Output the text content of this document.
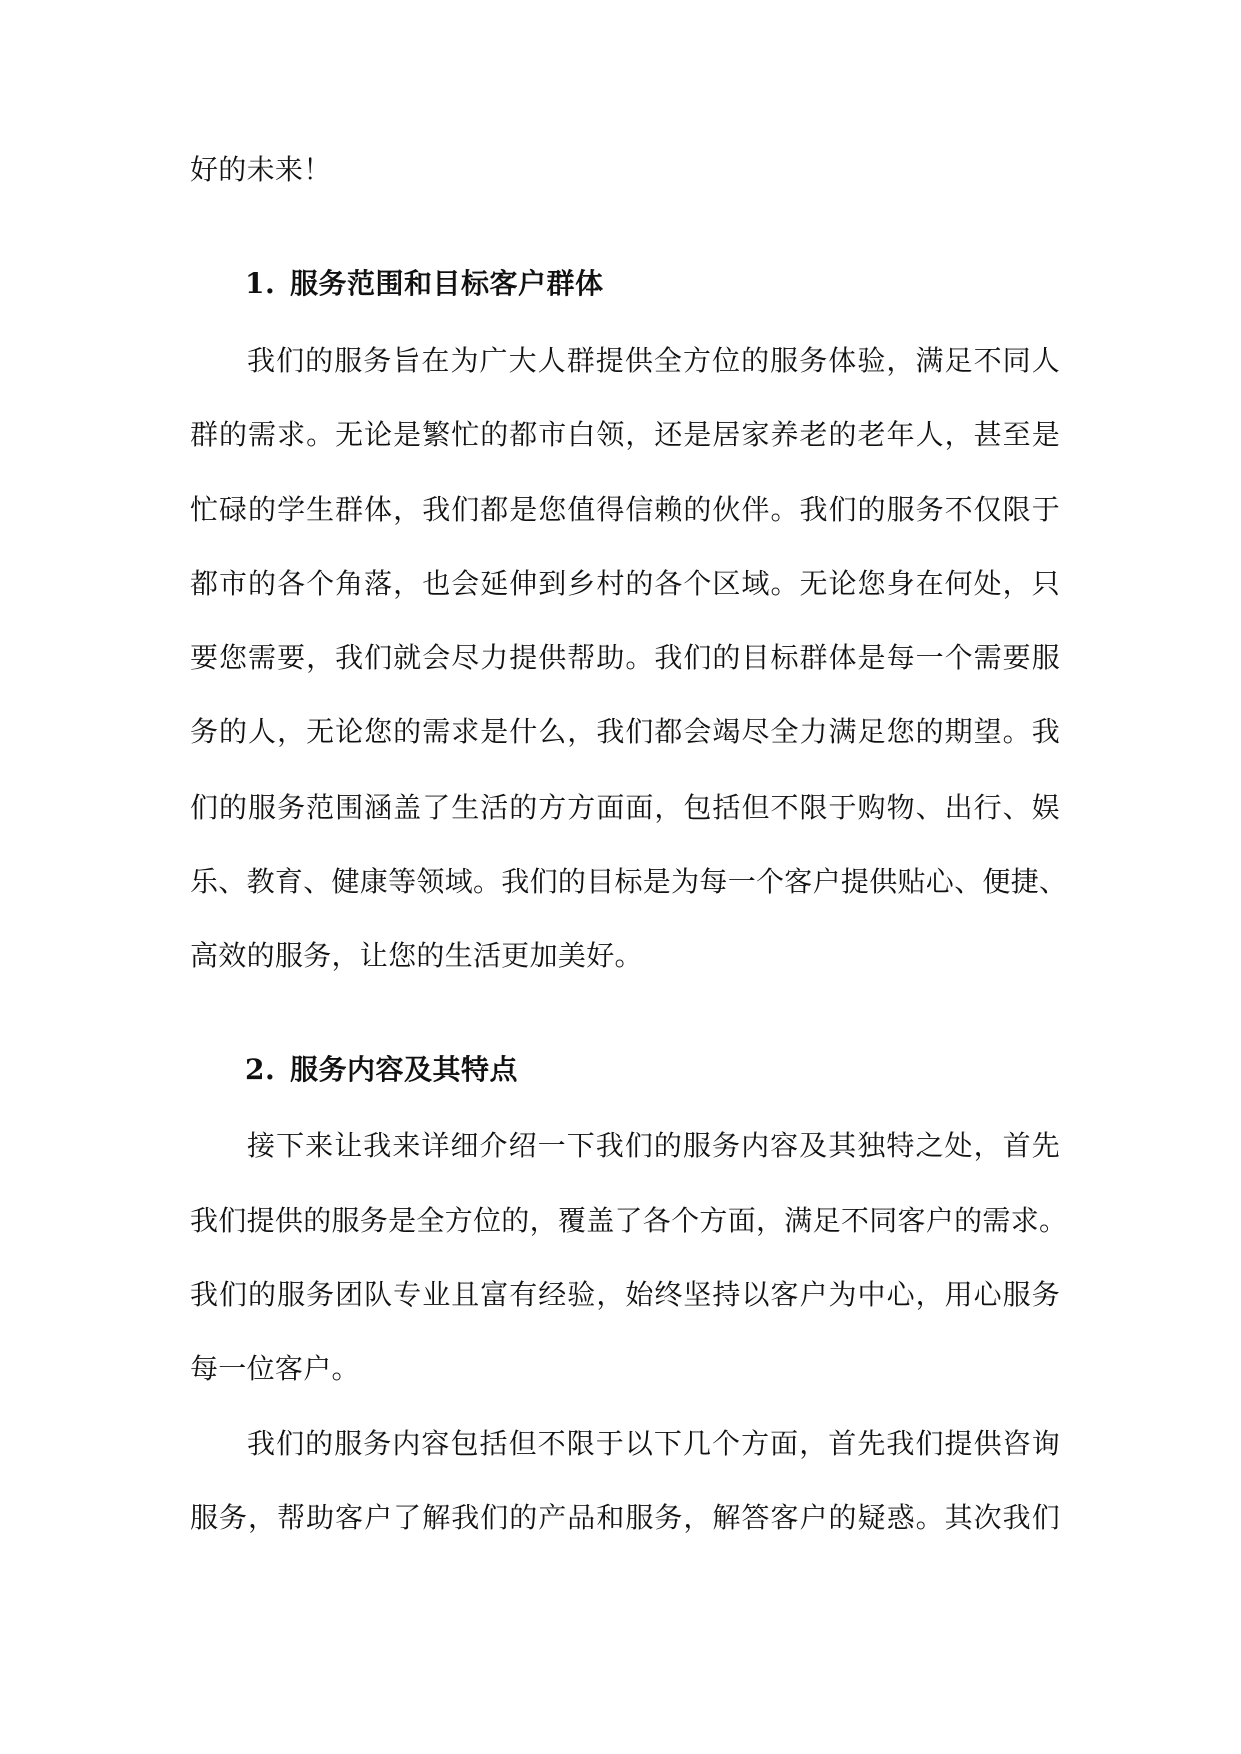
好的未来！
1. 服务范围和目标客户群体
我们的服务旨在为广大人群提供全方位的服务体验，满足不同人
群的需求。无论是繁忙的都市白领，还是居家养老的老年人，甚至是
忙碌的学生群体，我们都是您值得信赖的伙伴。我们的服务不仅限于
都市的各个角落，也会延伸到乡村的各个区域。无论您身在何处，只
要您需要，我们就会尽力提供帮助。我们的目标群体是每一个需要服
务的人，无论您的需求是什么，我们都会竭尽全力满足您的期望。我
们的服务范围涵盖了生活的方方面面，包括但不限于购物、出行、娱
乐、教育、健康等领域。我们的目标是为每一个客户提供贴心、便捷、
高效的服务，让您的生活更加美好。
2. 服务内容及其特点
接下来让我来详细介绍一下我们的服务内容及其独特之处，首先
我们提供的服务是全方位的，覆盖了各个方面，满足不同客户的需求。
我们的服务团队专业且富有经验，始终坚持以客户为中心，用心服务
每一位客户。
我们的服务内容包括但不限于以下几个方面，首先我们提供咨询
服务，帮助客户了解我们的产品和服务，解答客户的疑惑。其次我们
